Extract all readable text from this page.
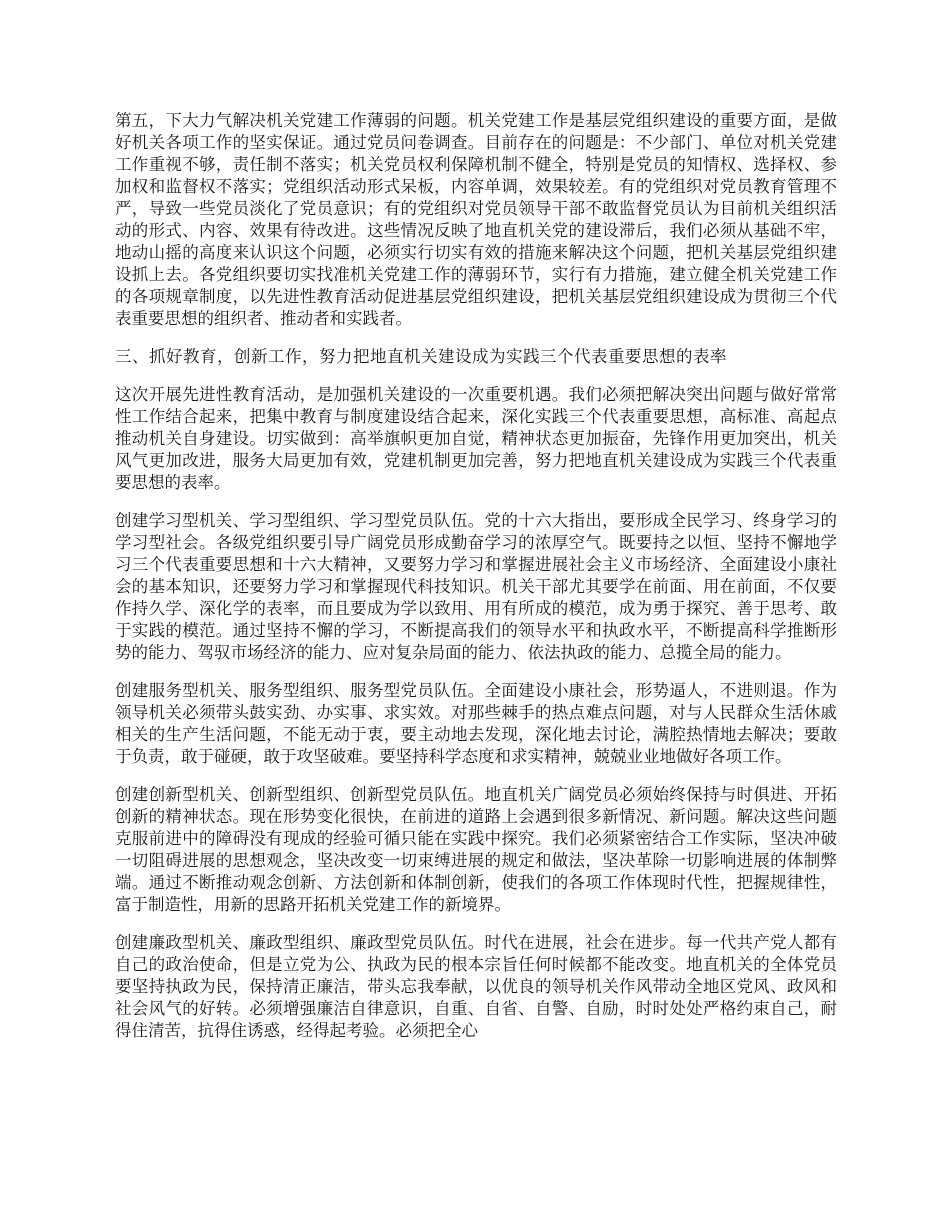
第五，下大力气解决机关党建工作薄弱的问题。机关党建工作是基层党组织建设的重要方面，是做好机关各项工作的坚实保证。通过党员问卷调查。目前存在的问题是：不少部门、单位对机关党建工作重视不够，责任制不落实；机关党员权利保障机制不健全，特别是党员的知情权、选择权、参加权和监督权不落实；党组织活动形式呆板，内容单调，效果较差。有的党组织对党员教育管理不严，导致一些党员淡化了党员意识；有的党组织对党员领导干部不敢监督党员认为目前机关组织活动的形式、内容、效果有待改进。这些情况反映了地直机关党的建设滞后，我们必须从基础不牢，地动山摇的高度来认识这个问题，必须实行切实有效的措施来解决这个问题，把机关基层党组织建设抓上去。各党组织要切实找准机关党建工作的薄弱环节，实行有力措施，建立健全机关党建工作的各项规章制度，以先进性教育活动促进基层党组织建设，把机关基层党组织建设成为贯彻三个代表重要思想的组织者、推动者和实践者。

三、抓好教育，创新工作，努力把地直机关建设成为实践三个代表重要思想的表率

这次开展先进性教育活动，是加强机关建设的一次重要机遇。我们必须把解决突出问题与做好常常性工作结合起来，把集中教育与制度建设结合起来，深化实践三个代表重要思想，高标准、高起点推动机关自身建设。切实做到：高举旗帜更加自觉，精神状态更加振奋，先锋作用更加突出，机关风气更加改进，服务大局更加有效，党建机制更加完善，努力把地直机关建设成为实践三个代表重要思想的表率。

创建学习型机关、学习型组织、学习型党员队伍。党的十六大指出，要形成全民学习、终身学习的学习型社会。各级党组织要引导广阔党员形成勤奋学习的浓厚空气。既要持之以恒、坚持不懈地学习三个代表重要思想和十六大精神，又要努力学习和掌握进展社会主义市场经济、全面建设小康社会的基本知识，还要努力学习和掌握现代科技知识。机关干部尤其要学在前面、用在前面，不仅要作持久学、深化学的表率，而且要成为学以致用、用有所成的模范，成为勇于探究、善于思考、敢于实践的模范。通过坚持不懈的学习，不断提高我们的领导水平和执政水平，不断提高科学推断形势的能力、驾驭市场经济的能力、应对复杂局面的能力、依法执政的能力、总揽全局的能力。

创建服务型机关、服务型组织、服务型党员队伍。全面建设小康社会，形势逼人，不进则退。作为领导机关必须带头鼓实劲、办实事、求实效。对那些棘手的热点难点问题，对与人民群众生活休戚相关的生产生活问题，不能无动于衷，要主动地去发现，深化地去讨论，满腔热情地去解决；要敢于负责，敢于碰硬，敢于攻坚破难。要坚持科学态度和求实精神，兢兢业业地做好各项工作。

创建创新型机关、创新型组织、创新型党员队伍。地直机关广阔党员必须始终保持与时俱进、开拓创新的精神状态。现在形势变化很快，在前进的道路上会遇到很多新情况、新问题。解决这些问题克服前进中的障碍没有现成的经验可循只能在实践中探究。我们必须紧密结合工作实际，坚决冲破一切阻碍进展的思想观念，坚决改变一切束缚进展的规定和做法，坚决革除一切影响进展的体制弊端。通过不断推动观念创新、方法创新和体制创新，使我们的各项工作体现时代性，把握规律性，富于制造性，用新的思路开拓机关党建工作的新境界。

创建廉政型机关、廉政型组织、廉政型党员队伍。时代在进展，社会在进步。每一代共产党人都有自己的政治使命，但是立党为公、执政为民的根本宗旨任何时候都不能改变。地直机关的全体党员要坚持执政为民，保持清正廉洁，带头忘我奉献，以优良的领导机关作风带动全地区党风、政风和社会风气的好转。必须增强廉洁自律意识，自重、自省、自警、自励，时时处处严格约束自己，耐得住清苦，抗得住诱惑，经得起考验。必须把全心
